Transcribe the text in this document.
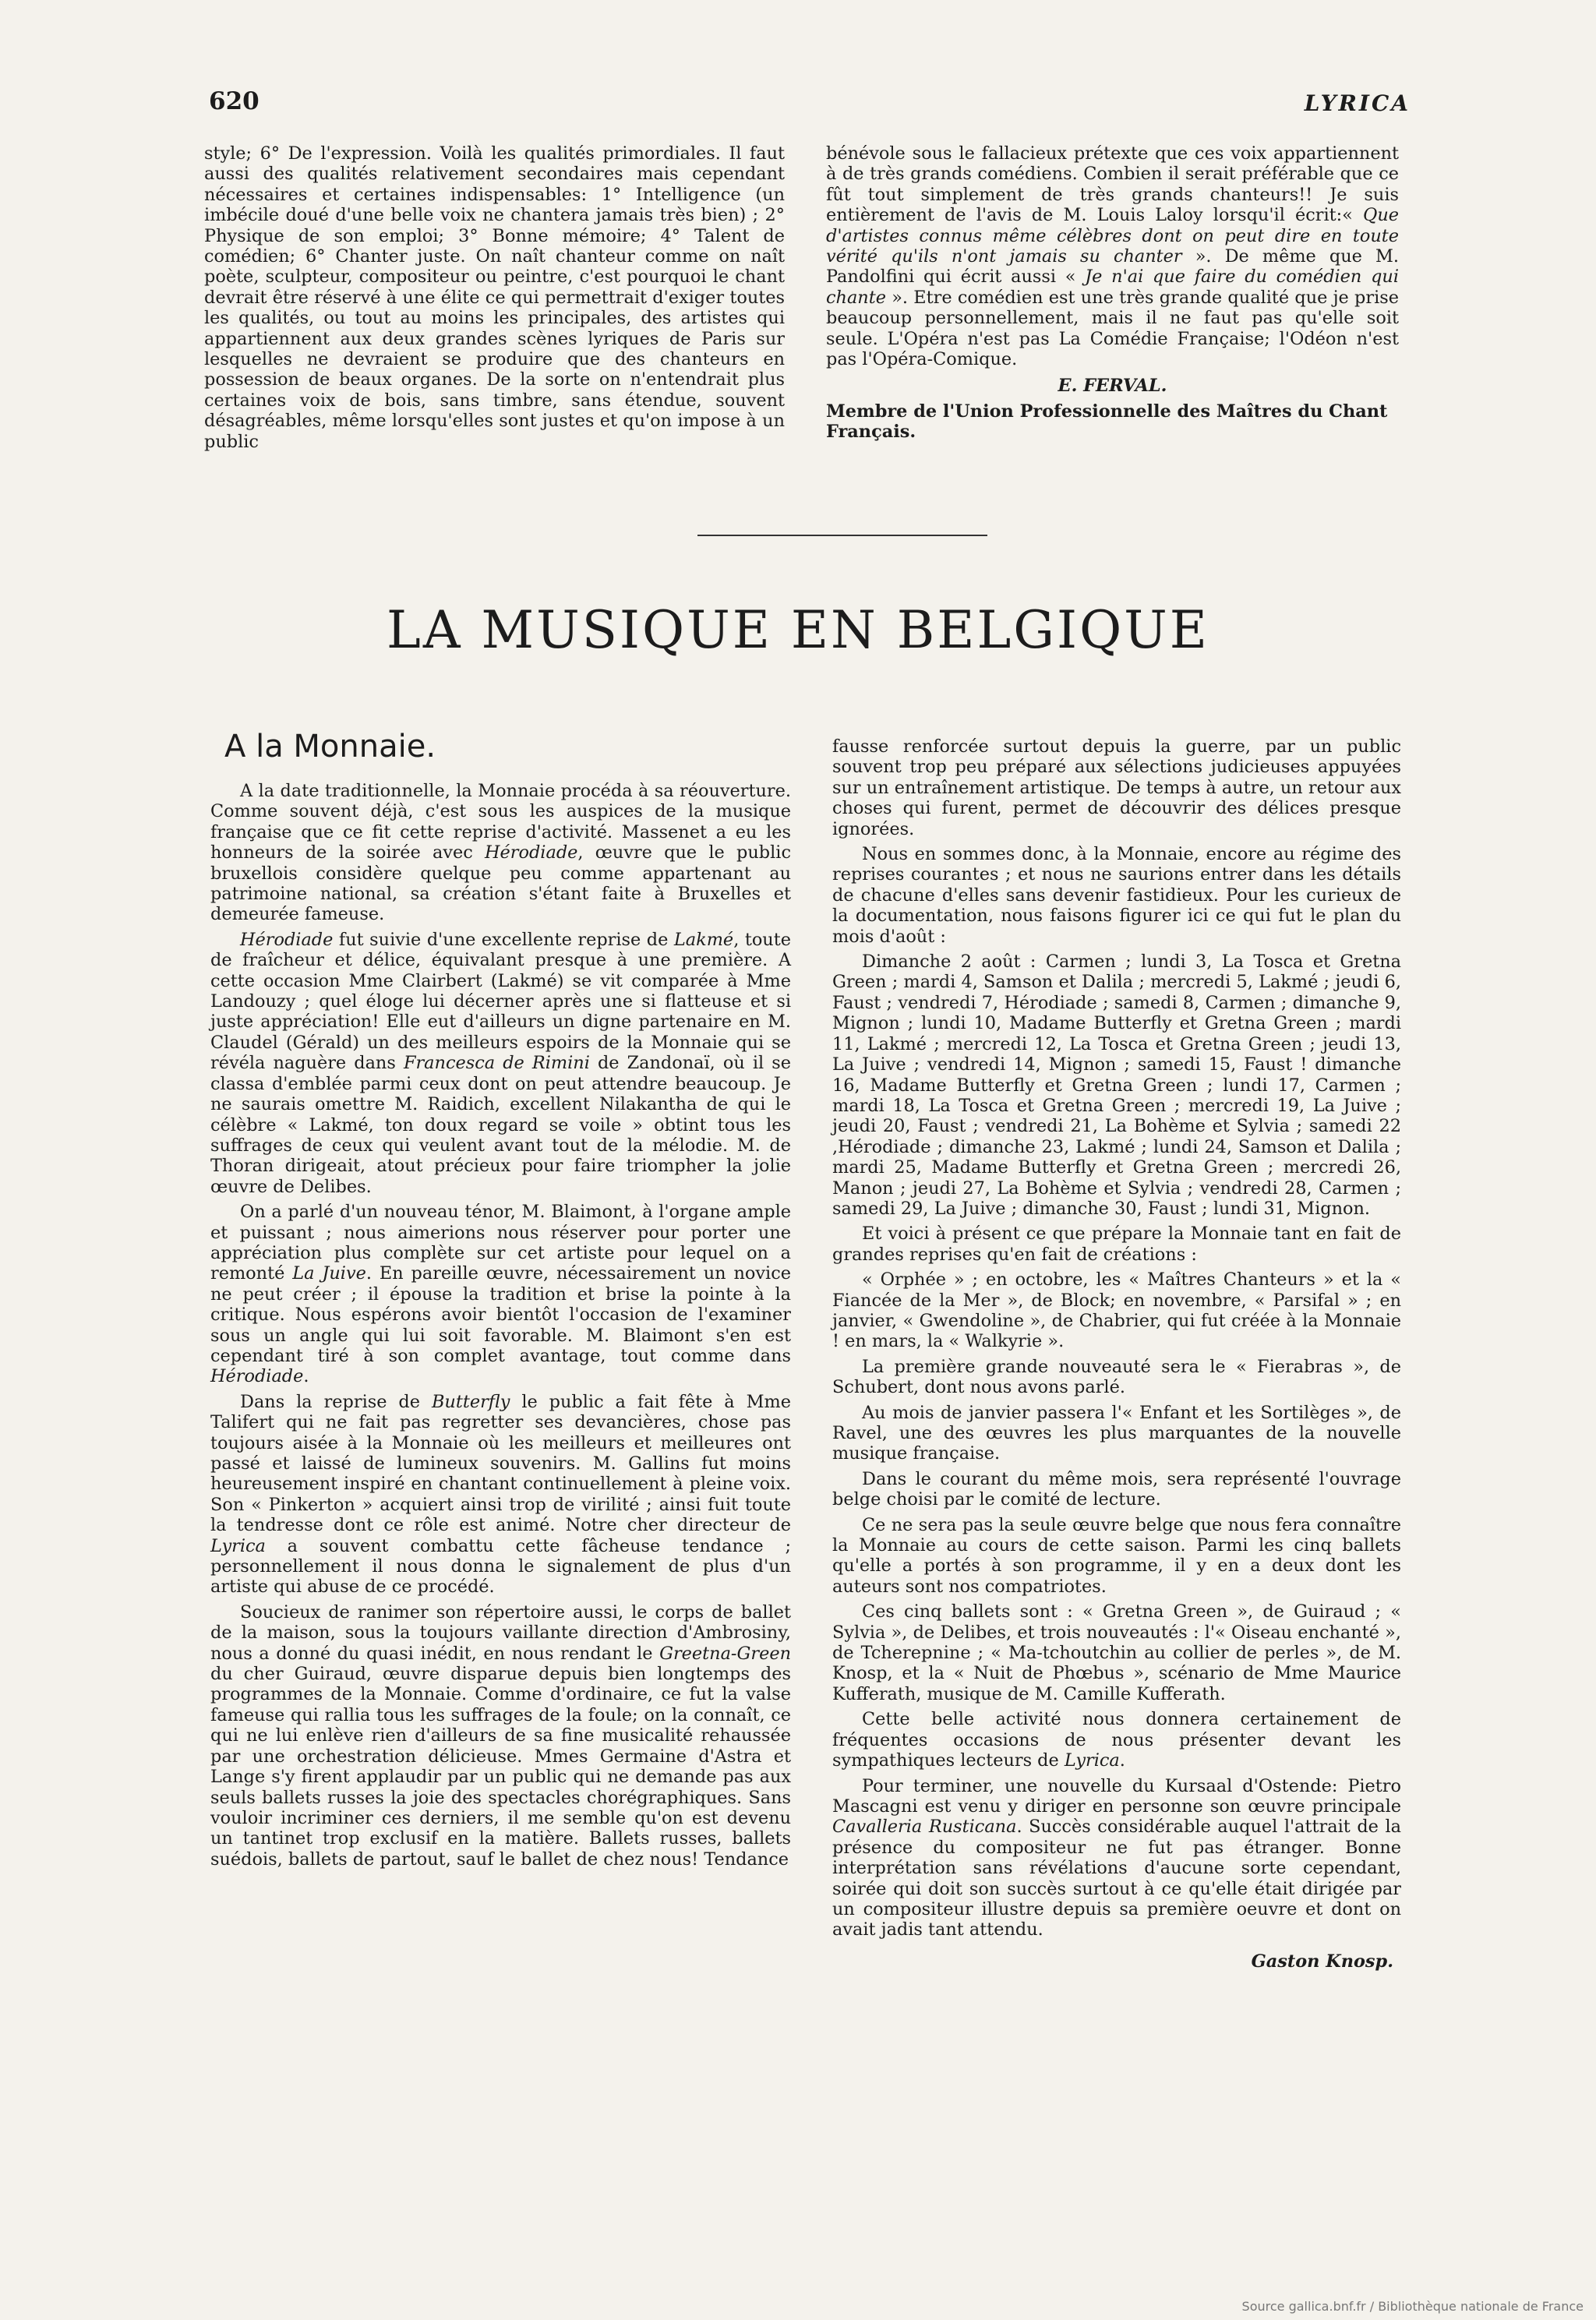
620	LYRICA

style; 6° De l'expression. Voilà les qualités primordiales. Il faut aussi des qualités relativement secondaires mais cependant nécessaires et certaines indispensables: 1° Intelligence (un imbécile doué d'une belle voix ne chantera jamais très bien) ; 2° Physique de son emploi; 3° Bonne mémoire; 4° Talent de comédien; 6° Chanter juste. On naît chanteur comme on naît poète, sculpteur, compositeur ou peintre, c'est pourquoi le chant devrait être réservé à une élite ce qui permettrait d'exiger toutes les qualités, ou tout au moins les principales, des artistes qui appartiennent aux deux grandes scènes lyriques de Paris sur lesquelles ne devraient se produire que des chanteurs en possession de beaux organes. De la sorte on n'entendrait plus certaines voix de bois, sans timbre, sans étendue, souvent désagréables, même lorsqu'elles sont justes et qu'on impose à un public

bénévole sous le fallacieux prétexte que ces voix appartiennent à de très grands comédiens. Combien il serait préférable que ce fût tout simplement de très grands chanteurs!! Je suis entièrement de l'avis de M. Louis Laloy lorsqu'il écrit:« Que d'artistes connus même célèbres dont on peut dire en toute vérité qu'ils n'ont jamais su chanter ». De même que M. Pandolfini qui écrit aussi « Je n'ai que faire du comédien qui chante ». Etre comédien est une très grande qualité que je prise beaucoup personnellement, mais il ne faut pas qu'elle soit seule. L'Opéra n'est pas La Comédie Française; l'Odéon n'est pas l'Opéra-Comique.

E. FERVAL.

Membre de l'Union Professionnelle des Maîtres du Chant Français.

LA MUSIQUE EN BELGIQUE
A la Monnaie.

A la date traditionnelle, la Monnaie procéda à sa réouverture. Comme souvent déjà, c'est sous les auspices de la musique française que ce fit cette reprise d'activité. Massenet a eu les honneurs de la soirée avec Hérodiade, œuvre que le public bruxellois considère quelque peu comme appartenant au patrimoine national, sa création s'étant faite à Bruxelles et demeurée fameuse.

Hérodiade fut suivie d'une excellente reprise de Lakmé, toute de fraîcheur et délice, équivalant presque à une première. A cette occasion Mme Clairbert (Lakmé) se vit comparée à Mme Landouzy ; quel éloge lui décerner après une si flatteuse et si juste appréciation! Elle eut d'ailleurs un digne partenaire en M. Claudel (Gérald) un des meilleurs espoirs de la Monnaie qui se révéla naguère dans Francesca de Rimini de Zandonaï, où il se classa d'emblée parmi ceux dont on peut attendre beaucoup. Je ne saurais omettre M. Raidich, excellent Nilakantha de qui le célèbre « Lakmé, ton doux regard se voile » obtint tous les suffrages de ceux qui veulent avant tout de la mélodie. M. de Thoran dirigeait, atout précieux pour faire triompher la jolie œuvre de Delibes.

On a parlé d'un nouveau ténor, M. Blaimont, à l'organe ample et puissant ; nous aimerions nous réserver pour porter une appréciation plus complète sur cet artiste pour lequel on a remonté La Juive. En pareille œuvre, nécessairement un novice ne peut créer ; il épouse la tradition et brise la pointe à la critique. Nous espérons avoir bientôt l'occasion de l'examiner sous un angle qui lui soit favorable. M. Blaimont s'en est cependant tiré à son complet avantage, tout comme dans Hérodiade.

Dans la reprise de Butterfly le public a fait fête à Mme Talifert qui ne fait pas regretter ses devancières, chose pas toujours aisée à la Monnaie où les meilleurs et meilleures ont passé et laissé de lumineux souvenirs. M. Gallins fut moins heureusement inspiré en chantant continuellement à pleine voix. Son « Pinkerton » acquiert ainsi trop de virilité ; ainsi fuit toute la tendresse dont ce rôle est animé. Notre cher directeur de Lyrica a souvent combattu cette fâcheuse tendance ; personnellement il nous donna le signalement de plus d'un artiste qui abuse de ce procédé.

Soucieux de ranimer son répertoire aussi, le corps de ballet de la maison, sous la toujours vaillante direction d'Ambrosiny, nous a donné du quasi inédit, en nous rendant le Greetna-Green du cher Guiraud, œuvre disparue depuis bien longtemps des programmes de la Monnaie. Comme d'ordinaire, ce fut la valse fameuse qui rallia tous les suffrages de la foule; on la connaît, ce qui ne lui enlève rien d'ailleurs de sa fine musicalité rehaussée par une orchestration délicieuse. Mmes Germaine d'Astra et Lange s'y firent applaudir par un public qui ne demande pas aux seuls ballets russes la joie des spectacles chorégraphiques. Sans vouloir incriminer ces derniers, il me semble qu'on est devenu un tantinet trop exclusif en la matière. Ballets russes, ballets suédois, ballets de partout, sauf le ballet de chez nous! Tendance

fausse renforcée surtout depuis la guerre, par un public souvent trop peu préparé aux sélections judicieuses appuyées sur un entraînement artistique. De temps à autre, un retour aux choses qui furent, permet de découvrir des délices presque ignorées.

Nous en sommes donc, à la Monnaie, encore au régime des reprises courantes ; et nous ne saurions entrer dans les détails de chacune d'elles sans devenir fastidieux. Pour les curieux de la documentation, nous faisons figurer ici ce qui fut le plan du mois d'août :

Dimanche 2 août : Carmen ; lundi 3, La Tosca et Gretna Green ; mardi 4, Samson et Dalila ; mercredi 5, Lakmé ; jeudi 6, Faust ; vendredi 7, Hérodiade ; samedi 8, Carmen ; dimanche 9, Mignon ; lundi 10, Madame Butterfly et Gretna Green ; mardi 11, Lakmé ; mercredi 12, La Tosca et Gretna Green ; jeudi 13, La Juive ; vendredi 14, Mignon ; samedi 15, Faust ! dimanche 16, Madame Butterfly et Gretna Green ; lundi 17, Carmen ; mardi 18, La Tosca et Gretna Green ; mercredi 19, La Juive ; jeudi 20, Faust ; vendredi 21, La Bohème et Sylvia ; samedi 22 ,Hérodiade ; dimanche 23, Lakmé ; lundi 24, Samson et Dalila ; mardi 25, Madame Butterfly et Gretna Green ; mercredi 26, Manon ; jeudi 27, La Bohème et Sylvia ; vendredi 28, Carmen ; samedi 29, La Juive ; dimanche 30, Faust ; lundi 31, Mignon.

Et voici à présent ce que prépare la Monnaie tant en fait de grandes reprises qu'en fait de créations :

« Orphée » ; en octobre, les « Maîtres Chanteurs » et la « Fiancée de la Mer », de Block; en novembre, « Parsifal » ; en janvier, « Gwendoline », de Chabrier, qui fut créée à la Monnaie ! en mars, la « Walkyrie ».

La première grande nouveauté sera le « Fierabras », de Schubert, dont nous avons parlé.

Au mois de janvier passera l'« Enfant et les Sortilèges », de Ravel, une des œuvres les plus marquantes de la nouvelle musique française.

Dans le courant du même mois, sera représenté l'ouvrage belge choisi par le comité de lecture.

Ce ne sera pas la seule œuvre belge que nous fera connaître la Monnaie au cours de cette saison. Parmi les cinq ballets qu'elle a portés à son programme, il y en a deux dont les auteurs sont nos compatriotes.

Ces cinq ballets sont : « Gretna Green », de Guiraud ; « Sylvia », de Delibes, et trois nouveautés : l'« Oiseau enchanté », de Tcherepnine ; « Ma-tchoutchin au collier de perles », de M. Knosp, et la « Nuit de Phœbus », scénario de Mme Maurice Kufferath, musique de M. Camille Kufferath.

Cette belle activité nous donnera certainement de fréquentes occasions de nous présenter devant les sympathiques lecteurs de Lyrica.

Pour terminer, une nouvelle du Kursaal d'Ostende: Pietro Mascagni est venu y diriger en personne son œuvre principale Cavalleria Rusticana. Succès considérable auquel l'attrait de la présence du compositeur ne fut pas étranger. Bonne interprétation sans révélations d'aucune sorte cependant, soirée qui doit son succès surtout à ce qu'elle était dirigée par un compositeur illustre depuis sa première oeuvre et dont on avait jadis tant attendu.

Gaston Knosp.

Source gallica.bnf.fr / Bibliothèque nationale de France
